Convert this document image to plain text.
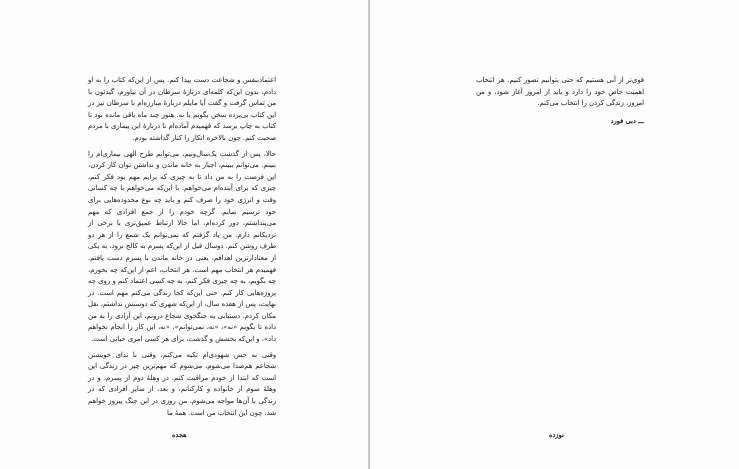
اعتماد‌بنفس و شجاعت دست پیدا کنم. پس از این‌که کتاب را به او دادم، بدون این‌که کلمه‌ای دربارهٔ سرطان در آن بیاورم، گیدئون با من تماس گرفت و گفت آیا مایلم دربارهٔ مبارزه‌ام با سرطان نیز در این کتاب بی‌پرده سخن بگویم یا نه. هنوز چند ماه باقی مانده بود تا کتاب به چاپ برسد که فهمیدم آماده‌ام تا دربارهٔ این بیماری با مردم صحبت کنم. چون بالاخره انکار را کنار گذاشته بودم.

حالا، پس از گذشت یک‌سال‌ونیم، می‌توانم طرح الهی بیماری‌ام را ببینم. می‌توانم ببینم، اجبار به خانه ماندن و نداشتن توان کار کردن، این فرصت را به من داد تا به چیزی که برایم مهم بود فکر کنم. چیزی که برای آینده‌ام می‌خواهم. با این‌که می‌خواهم با چه کسانی وقت و انرژی خود را صرف کنم و باید چه نوع محدوده‌هایی برای خود ترسیم نمایم. گرچه خودم را از جمع افرادی که مهم می‌پنداشتم، دور کرده‌ام، اما حالا ارتباط عمیق‌تری با برخی از نزدیکانم دارم. من یاد گرفتم که نمی‌توانم یک شمع را از هر دو طرف روشن کنم. دوسال قبل از این‌که پسرم به کالج برود، به یکی از معنادارترین اهدافم، یعنی در خانه ماندن با پسرم دست یافتم. فهمیدم هر انتخاب مهم است. هر انتخاب، اعم از این‌که چه بخورم، چه بگویم، به چه چیزی فکر کنم، به چه کسی اعتماد کنم و روی چه پروژه‌هایی کار کنم. حتی این‌که کجا زندگی می‌کنم مهم است. در نهایت، پس از هفده سال، از این‌که شهری که دوستش نداشتم، نقل مکان کردم. دستیابی به جنگجوی شجاع درونم، این آزادی را به من داده تا بگویم «نه»، «نه، نمی‌توانم»، «نه، این کار را انجام نخواهم داد»، و این‌که بخشش و گذشت، برای هر کسی امری حیاتی است.

وقتی به حس شهودی‌ام تکیه می‌کنم، وقتی با ندای خویشتن شجاعم هم‌صدا می‌شوم، می‌شوم که مهم‌ترین چیز در زندگی این است که ابتدا از خودم مراقبت کنم. در وهلهٔ دوم از پسرم، و در وهلهٔ سوم از خانواده و کارکنانم، و بعد، از سایر افرادی که در زندگی با آن‌ها مواجه می‌شوم. من روزی در این جنگ پیروز خواهم شد، چون این انتخاب من است. همهٔ ما

هجده

قوی‌تر از آنی هستیم که حتی بتوانیم تصور کنیم. هر انتخاب اهمیت خاص خود را دارد و باید از امروز آغاز شود، و من امروز، زندگی کردن را انتخاب می‌کنم.

ـــ دبی فورد
نوزده
